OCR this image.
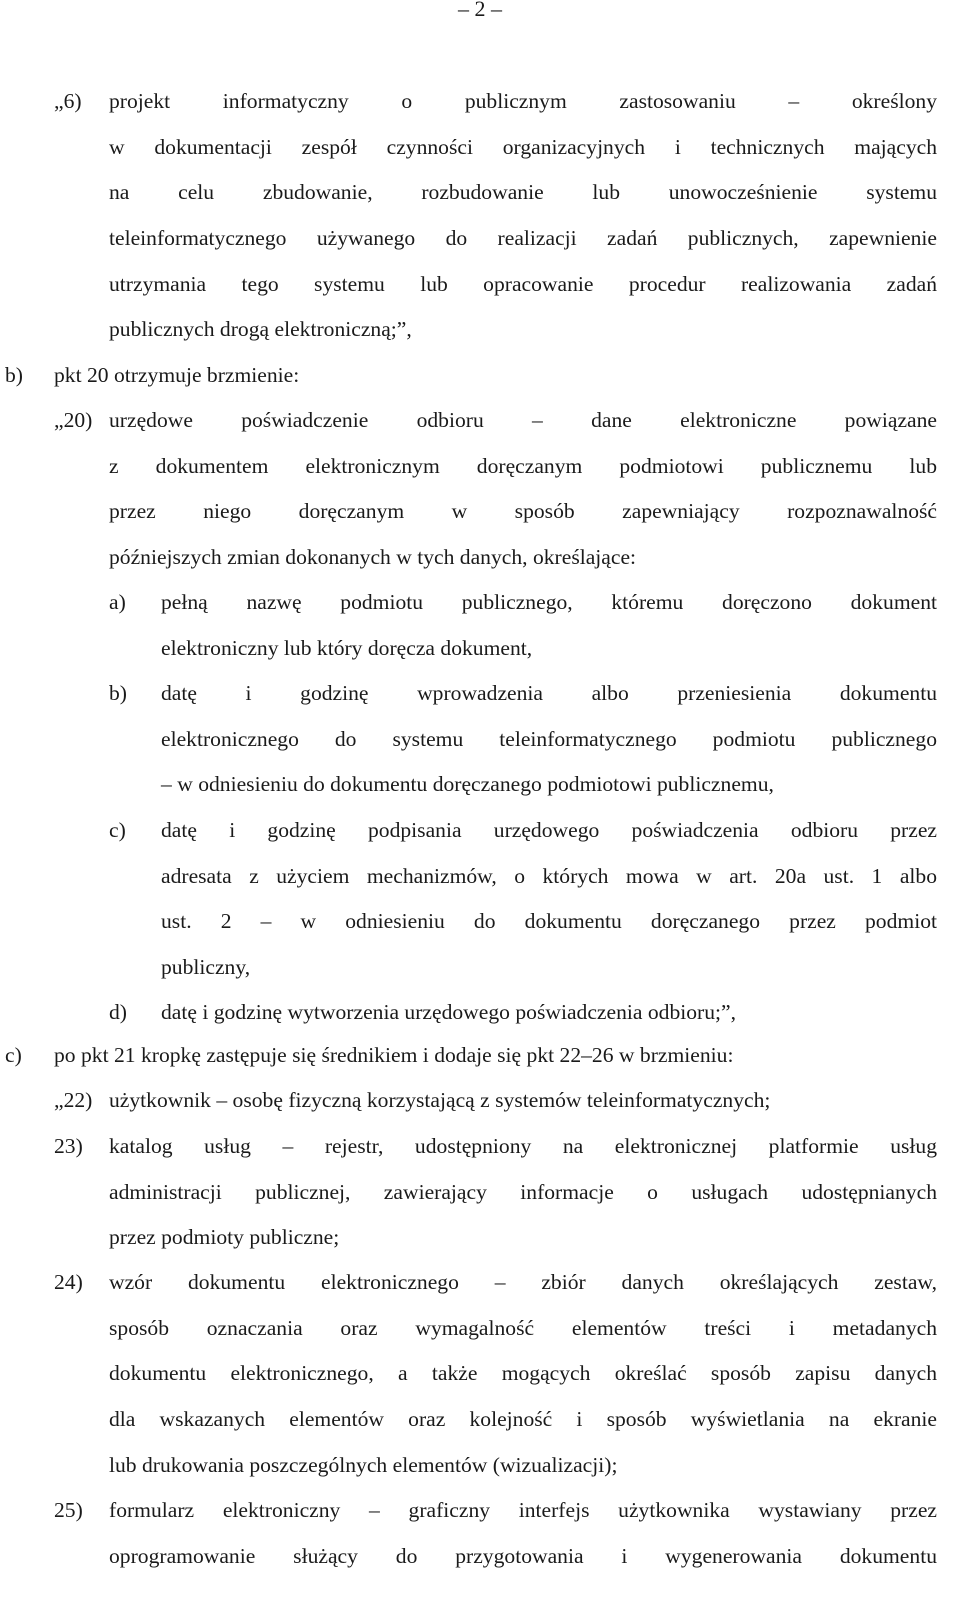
– 2 –
„6) projekt informatyczny o publicznym zastosowaniu – określony
w dokumentacji zespół czynności organizacyjnych i technicznych mających
na celu zbudowanie, rozbudowanie lub unowocześnienie systemu
teleinformatycznego używanego do realizacji zadań publicznych, zapewnienie
utrzymania tego systemu lub opracowanie procedur realizowania zadań
publicznych drogą elektroniczną;”,
b) pkt 20 otrzymuje brzmienie:
„20) urzędowe poświadczenie odbioru – dane elektroniczne powiązane
z dokumentem elektronicznym doręczanym podmiotowi publicznemu lub
przez niego doręczanym w sposób zapewniający rozpoznawalność
późniejszych zmian dokonanych w tych danych, określające:
a) pełną nazwę podmiotu publicznego, któremu doręczono dokument
elektroniczny lub który doręcza dokument,
b) datę i godzinę wprowadzenia albo przeniesienia dokumentu
elektronicznego do systemu teleinformatycznego podmiotu publicznego
– w odniesieniu do dokumentu doręczanego podmiotowi publicznemu,
c) datę i godzinę podpisania urzędowego poświadczenia odbioru przez
adresata z użyciem mechanizmów, o których mowa w art. 20a ust. 1 albo
ust. 2 – w odniesieniu do dokumentu doręczanego przez podmiot
publiczny,
d) datę i godzinę wytworzenia urzędowego poświadczenia odbioru;”,
c) po pkt 21 kropkę zastępuje się średnikiem i dodaje się pkt 22–26 w brzmieniu:
„22) użytkownik – osobę fizyczną korzystającą z systemów teleinformatycznych;
23) katalog usług – rejestr, udostępniony na elektronicznej platformie usług
administracji publicznej, zawierający informacje o usługach udostępnianych
przez podmioty publiczne;
24) wzór dokumentu elektronicznego – zbiór danych określających zestaw,
sposób oznaczania oraz wymagalność elementów treści i metadanych
dokumentu elektronicznego, a także mogących określać sposób zapisu danych
dla wskazanych elementów oraz kolejność i sposób wyświetlania na ekranie
lub drukowania poszczególnych elementów (wizualizacji);
25) formularz elektroniczny – graficzny interfejs użytkownika wystawiany przez
oprogramowanie służący do przygotowania i wygenerowania dokumentu
